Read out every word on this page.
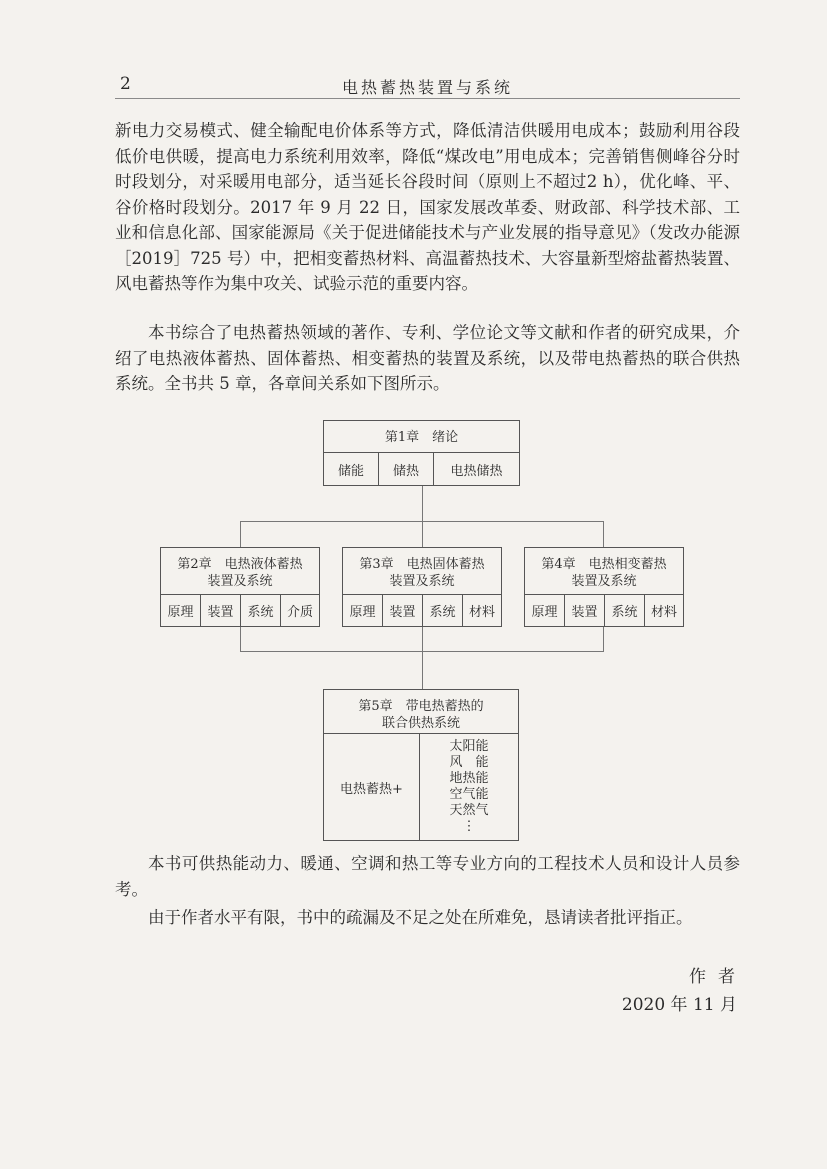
2	电热蓄热装置与系统

新电力交易模式、健全输配电价体系等方式，降低清洁供暖用电成本；鼓励利用谷段低价电供暖，提高电力系统利用效率，降低“煤改电”用电成本；完善销售侧峰谷分时时段划分，对采暖用电部分，适当延长谷段时间（原则上不超过2 h），优化峰、平、谷价格时段划分。2017 年 9 月 22 日，国家发展改革委、财政部、科学技术部、工业和信息化部、国家能源局《关于促进储能技术与产业发展的指导意见》（发改办能源［2019］725 号）中，把相变蓄热材料、高温蓄热技术、大容量新型熔盐蓄热装置、风电蓄热等作为集中攻关、试验示范的重要内容。

本书综合了电热蓄热领域的著作、专利、学位论文等文献和作者的研究成果，介绍了电热液体蓄热、固体蓄热、相变蓄热的装置及系统，以及带电热蓄热的联合供热系统。全书共 5 章，各章间关系如下图所示。

第1章　绪论
储能	储热	电热储热
第2章　电热液体蓄热
装置及系统
原理	装置	系统	介质
第3章　电热固体蓄热
装置及系统
原理	装置	系统	材料
第4章　电热相变蓄热
装置及系统
原理	装置	系统	材料
第5章　带电热蓄热的
联合供热系统
电热蓄热+
太阳能
风　能
地热能
空气能
天然气
⋮

本书可供热能动力、暖通、空调和热工等专业方向的工程技术人员和设计人员参考。

由于作者水平有限，书中的疏漏及不足之处在所难免，恳请读者批评指正。

作者
2020 年 11 月
